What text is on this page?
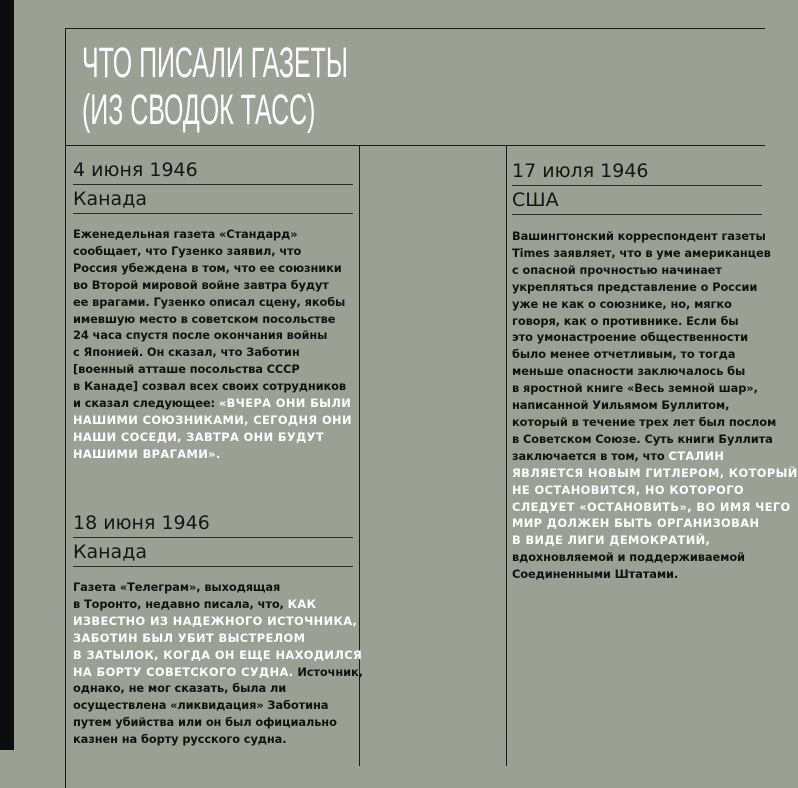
ЧТО ПИСАЛИ ГАЗЕТЫ
(ИЗ СВОДОК ТАСС)
4 июня 1946
Канада
Еженедельная газета «Стандард»
сообщает, что Гузенко заявил, что
Россия убеждена в том, что ее союзники
во Второй мировой войне завтра будут
ее врагами. Гузенко описал сцену, якобы
имевшую место в советском посольстве
24 часа спустя после окончания войны
с Японией. Он сказал, что Заботин
[военный атташе посольства СССР
в Канаде] созвал всех своих сотрудников
и сказал следующее: «ВЧЕРА ОНИ БЫЛИ
НАШИМИ СОЮЗНИКАМИ, СЕГОДНЯ ОНИ
НАШИ СОСЕДИ, ЗАВТРА ОНИ БУДУТ
НАШИМИ ВРАГАМИ».
18 июня 1946
Канада
Газета «Телеграм», выходящая
в Торонто, недавно писала, что, КАК
ИЗВЕСТНО ИЗ НАДЕЖНОГО ИСТОЧНИКА,
ЗАБОТИН БЫЛ УБИТ ВЫСТРЕЛОМ
В ЗАТЫЛОК, КОГДА ОН ЕЩЕ НАХОДИЛСЯ
НА БОРТУ СОВЕТСКОГО СУДНА. Источник,
однако, не мог сказать, была ли
осуществлена «ликвидация» Заботина
путем убийства или он был официально
казнен на борту русского судна.
17 июля 1946
США
Вашингтонский корреспондент газеты
Times заявляет, что в уме американцев
с опасной прочностью начинает
укрепляться представление о России
уже не как о союзнике, но, мягко
говоря, как о противнике. Если бы
это умонастроение общественности
было менее отчетливым, то тогда
меньше опасности заключалось бы
в яростной книге «Весь земной шар»,
написанной Уильямом Буллитом,
который в течение трех лет был послом
в Советском Союзе. Суть книги Буллита
заключается в том, что СТАЛИН
ЯВЛЯЕТСЯ НОВЫМ ГИТЛЕРОМ, КОТОРЫЙ
НЕ ОСТАНОВИТСЯ, НО КОТОРОГО
СЛЕДУЕТ «ОСТАНОВИТЬ», ВО ИМЯ ЧЕГО
МИР ДОЛЖЕН БЫТЬ ОРГАНИЗОВАН
В ВИДЕ ЛИГИ ДЕМОКРАТИЙ,
вдохновляемой и поддерживаемой
Соединенными Штатами.
